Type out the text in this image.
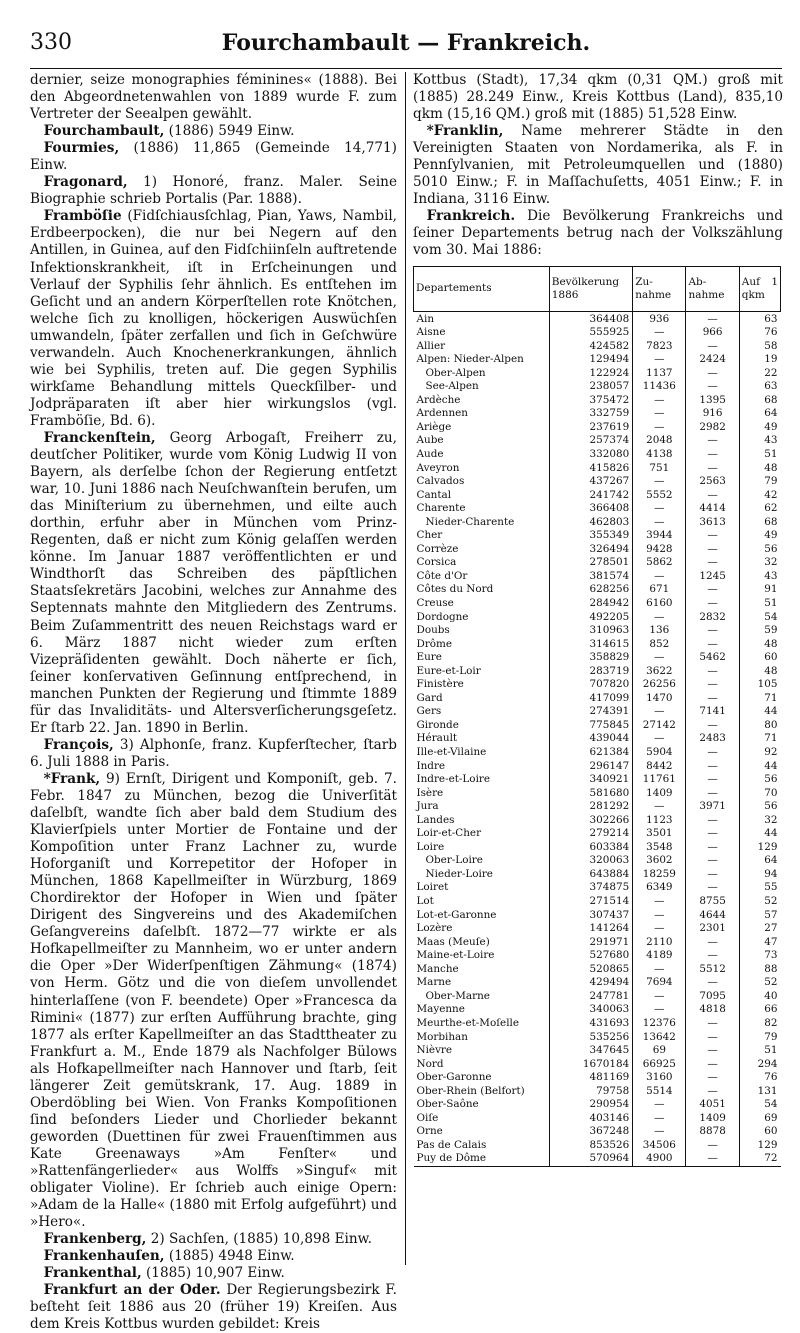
330	Fourchambault — Frankreich.

dernier, seize monographies féminines« (1888). Bei den Abgeordnetenwahlen von 1889 wurde F. zum Vertreter der Seealpen gewählt.

Fourchambault, (1886) 5949 Einw.

Fourmies, (1886) 11,865 (Gemeinde 14,771) Einw.

Fragonard, 1) Honoré, franz. Maler. Seine Biographie schrieb Portalis (Par. 1888).

Framböſie (Fidſchiausſchlag, Pian, Yaws, Nambil, Erdbeerpocken), die nur bei Negern auf den Antillen, in Guinea, auf den Fidſchiinſeln auftretende Infektionskrankheit, iſt in Erſcheinungen und Verlauf der Syphilis ſehr ähnlich. Es entſtehen im Geſicht und an andern Körperſtellen rote Knötchen, welche ſich zu knolligen, höckerigen Auswüchſen umwandeln, ſpäter zerfallen und ſich in Geſchwüre verwandeln. Auch Knochenerkrankungen, ähnlich wie bei Syphilis, treten auf. Die gegen Syphilis wirkſame Behandlung mittels Queckſilber- und Jodpräparaten iſt aber hier wirkungslos (vgl. Framböſie, Bd. 6).

Franckenſtein, Georg Arbogaſt, Freiherr zu, deutſcher Politiker, wurde vom König Ludwig II von Bayern, als derſelbe ſchon der Regierung entſetzt war, 10. Juni 1886 nach Neuſchwanſtein berufen, um das Miniſterium zu übernehmen, und eilte auch dorthin, erfuhr aber in München vom Prinz-Regenten, daß er nicht zum König gelaſſen werden könne. Im Januar 1887 veröffentlichten er und Windthorſt das Schreiben des päpſtlichen Staatsſekretärs Jacobini, welches zur Annahme des Septennats mahnte den Mitgliedern des Zentrums. Beim Zuſammentritt des neuen Reichstags ward er 6. März 1887 nicht wieder zum erſten Vizepräſidenten gewählt. Doch näherte er ſich, ſeiner konſervativen Geſinnung entſprechend, in manchen Punkten der Regierung und ſtimmte 1889 für das Invaliditäts- und Altersverſicherungsgeſetz. Er ſtarb 22. Jan. 1890 in Berlin.

François, 3) Alphonſe, franz. Kupferſtecher, ſtarb 6. Juli 1888 in Paris.

*Frank, 9) Ernſt, Dirigent und Komponiſt, geb. 7. Febr. 1847 zu München, bezog die Univerſität daſelbſt, wandte ſich aber bald dem Studium des Klavierſpiels unter Mortier de Fontaine und der Kompoſition unter Franz Lachner zu, wurde Hoforganiſt und Korrepetitor der Hofoper in München, 1868 Kapellmeiſter in Würzburg, 1869 Chordirektor der Hofoper in Wien und ſpäter Dirigent des Singvereins und des Akademiſchen Geſangvereins daſelbſt. 1872—77 wirkte er als Hofkapellmeiſter zu Mannheim, wo er unter andern die Oper »Der Widerſpenſtigen Zähmung« (1874) von Herm. Götz und die von dieſem unvollendet hinterlaſſene (von F. beendete) Oper »Francesca da Rimini« (1877) zur erſten Aufführung brachte, ging 1877 als erſter Kapellmeiſter an das Stadttheater zu Frankfurt a. M., Ende 1879 als Nachfolger Bülows als Hofkapellmeiſter nach Hannover und ſtarb, ſeit längerer Zeit gemütskrank, 17. Aug. 1889 in Oberdöbling bei Wien. Von Franks Kompoſitionen ſind beſonders Lieder und Chorlieder bekannt geworden (Duettinen für zwei Frauenſtimmen aus Kate Greenaways »Am Fenſter« und »Rattenfängerlieder« aus Wolffs »Singuf« mit obligater Violine). Er ſchrieb auch einige Opern: »Adam de la Halle« (1880 mit Erfolg aufgeführt) und »Hero«.

Frankenberg, 2) Sachſen, (1885) 10,898 Einw.

Frankenhauſen, (1885) 4948 Einw.

Frankenthal, (1885) 10,907 Einw.

Frankfurt an der Oder. Der Regierungsbezirk F. beſteht ſeit 1886 aus 20 (früher 19) Kreiſen. Aus dem Kreis Kottbus wurden gebildet: Kreis

Kottbus (Stadt), 17,34 qkm (0,31 QM.) groß mit (1885) 28.249 Einw., Kreis Kottbus (Land), 835,10 qkm (15,16 QM.) groß mit (1885) 51,528 Einw.

*Franklin, Name mehrerer Städte in den Vereinigten Staaten von Nordamerika, als F. in Pennſylvanien, mit Petroleumquellen und (1880) 5010 Einw.; F. in Maſſachuſetts, 4051 Einw.; F. in Indiana, 3116 Einw.

Frankreich. Die Bevölkerung Frankreichs und ſeiner Departements betrug nach der Volkszählung vom 30. Mai 1886:

Departements	Bevölkerung 1886	Zu-nahme	Ab-nahme	Auf 1 qkm
Ain	364408	936	—	63
Aisne	555925	—	966	76
Allier	424582	7823	—	58
Alpen: Nieder-Alpen	129494	—	2424	19
Ober-Alpen	122924	1137	—	22
See-Alpen	238057	11436	—	63
Ardèche	375472	—	1395	68
Ardennen	332759	—	916	64
Ariège	237619	—	2982	49
Aube	257374	2048	—	43
Aude	332080	4138	—	51
Aveyron	415826	751	—	48
Calvados	437267	—	2563	79
Cantal	241742	5552	—	42
Charente	366408	—	4414	62
Nieder-Charente	462803	—	3613	68
Cher	355349	3944	—	49
Corrèze	326494	9428	—	56
Corsica	278501	5862	—	32
Côte d'Or	381574	—	1245	43
Côtes du Nord	628256	671	—	91
Creuse	284942	6160	—	51
Dordogne	492205	—	2832	54
Doubs	310963	136	—	59
Drôme	314615	852	—	48
Eure	358829	—	5462	60
Eure-et-Loir	283719	3622	—	48
Finistère	707820	26256	—	105
Gard	417099	1470	—	71
Gers	274391	—	7141	44
Gironde	775845	27142	—	80
Hérault	439044	—	2483	71
Ille-et-Vilaine	621384	5904	—	92
Indre	296147	8442	—	44
Indre-et-Loire	340921	11761	—	56
Isère	581680	1409	—	70
Jura	281292	—	3971	56
Landes	302266	1123	—	32
Loir-et-Cher	279214	3501	—	44
Loire	603384	3548	—	129
Ober-Loire	320063	3602	—	64
Nieder-Loire	643884	18259	—	94
Loiret	374875	6349	—	55
Lot	271514	—	8755	52
Lot-et-Garonne	307437	—	4644	57
Lozère	141264	—	2301	27
Maas (Meuſe)	291971	2110	—	47
Maine-et-Loire	527680	4189	—	73
Manche	520865	—	5512	88
Marne	429494	7694	—	52
Ober-Marne	247781	—	7095	40
Mayenne	340063	—	4818	66
Meurthe-et-Moſelle	431693	12376	—	82
Morbihan	535256	13642	—	79
Nièvre	347645	69	—	51
Nord	1670184	66925	—	294
Ober-Garonne	481169	3160	—	76
Ober-Rhein (Belfort)	79758	5514	—	131
Ober-Saône	290954	—	4051	54
Oiſe	403146	—	1409	69
Orne	367248	—	8878	60
Pas de Calais	853526	34506	—	129
Puy de Dôme	570964	4900	—	72
